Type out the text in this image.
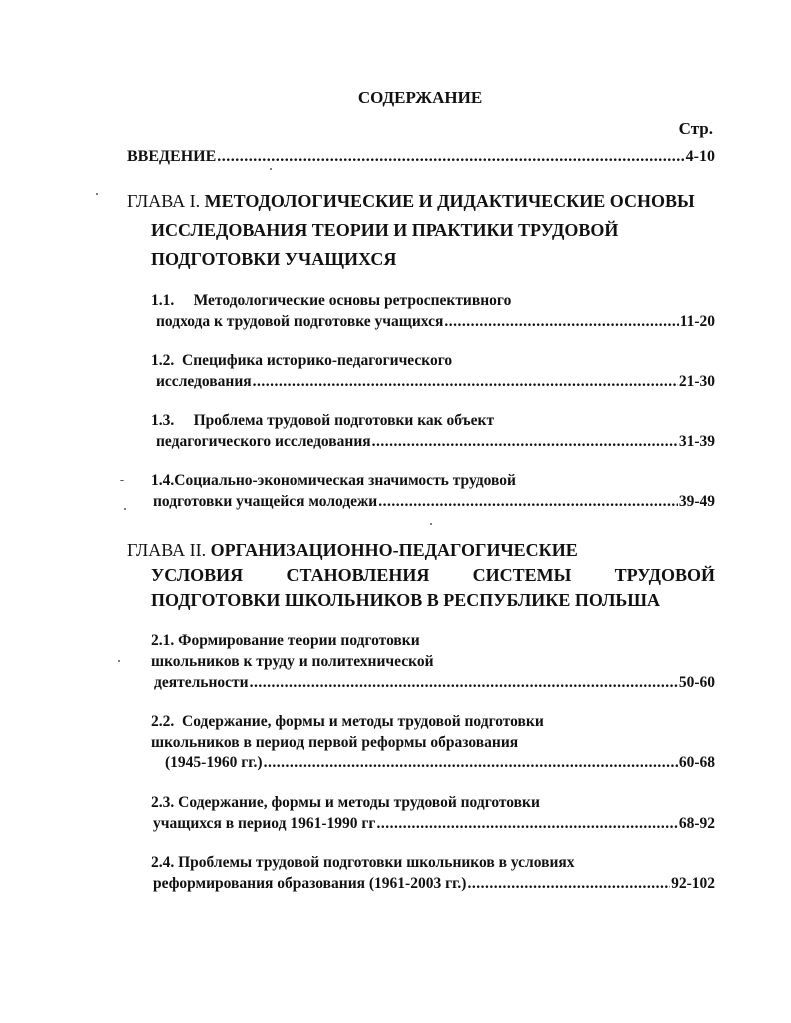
СОДЕРЖАНИЕ
Стр.
ВВЕДЕНИЕ .....	4-10
ГЛАВА I. МЕТОДОЛОГИЧЕСКИЕ И ДИДАКТИЧЕСКИЕ ОСНОВЫ
ИССЛЕДОВАНИЯ ТЕОРИИ И ПРАКТИКИ ТРУДОВОЙ
ПОДГОТОВКИ УЧАЩИХСЯ
1.1. Методологические основы ретроспективного
подхода к трудовой подготовке учащихся .....	11-20
1.2. Специфика историко-педагогического
исследования .....	21-30
1.3. Проблема трудовой подготовки как объект
педагогического исследования .....	31-39
1.4.Социально-экономическая значимость трудовой
подготовки учащейся молодежи .....	39-49
ГЛАВА II. ОРГАНИЗАЦИОННО-ПЕДАГОГИЧЕСКИЕ
УСЛОВИЯ СТАНОВЛЕНИЯ СИСТЕМЫ ТРУДОВОЙ
ПОДГОТОВКИ ШКОЛЬНИКОВ В РЕСПУБЛИКЕ ПОЛЬША
2.1. Формирование теории подготовки
школьников к труду и политехнической
деятельности .....	50-60
2.2. Содержание, формы и методы трудовой подготовки
школьников в период первой реформы образования
(1945-1960 гг.) .....	60-68
2.3. Содержание, формы и методы трудовой подготовки
учащихся в период 1961-1990 гг .....	68-92
2.4. Проблемы трудовой подготовки школьников в условиях
реформирования образования (1961-2003 гг.) .....	92-102
